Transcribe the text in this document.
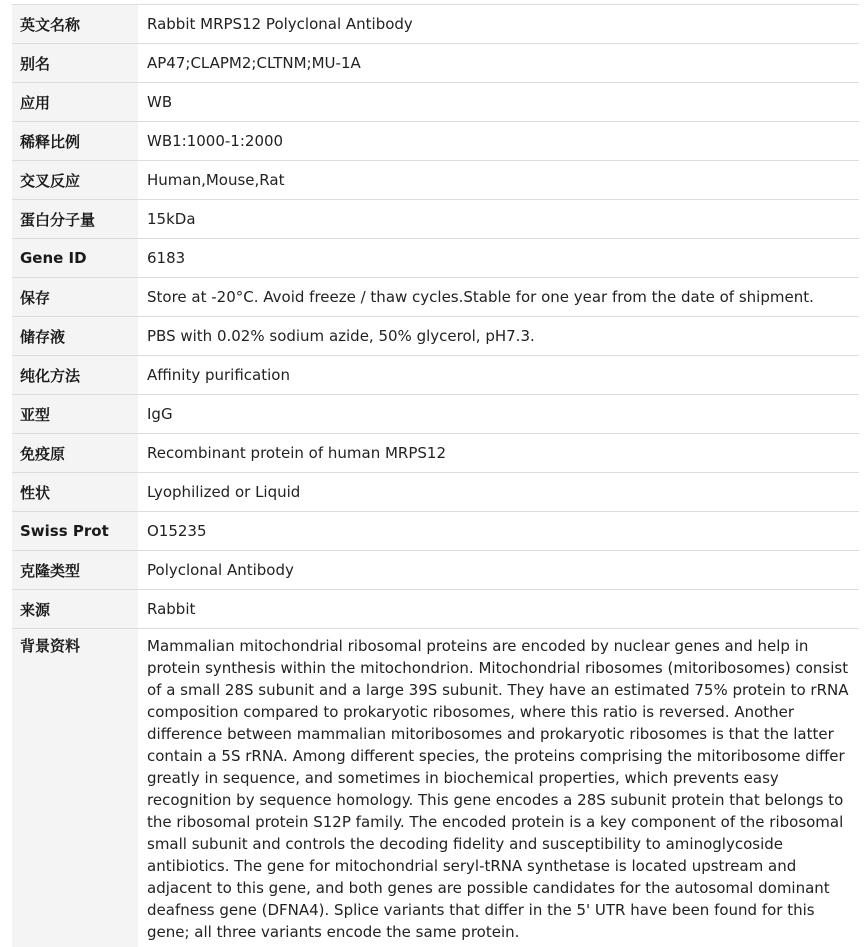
英文名称	Rabbit MRPS12 Polyclonal Antibody
别名	AP47;CLAPM2;CLTNM;MU-1A
应用	WB
稀释比例	WB1:1000-1:2000
交叉反应	Human,Mouse,Rat
蛋白分子量	15kDa
Gene ID	6183
保存	Store at -20°C. Avoid freeze / thaw cycles.Stable for one year from the date of shipment.
储存液	PBS with 0.02% sodium azide, 50% glycerol, pH7.3.
纯化方法	Affinity purification
亚型	IgG
免疫原	Recombinant protein of human MRPS12
性状	Lyophilized or Liquid
Swiss Prot	O15235
克隆类型	Polyclonal Antibody
来源	Rabbit
背景资料	Mammalian mitochondrial ribosomal proteins are encoded by nuclear genes and help in protein synthesis within the mitochondrion. Mitochondrial ribosomes (mitoribosomes) consist of a small 28S subunit and a large 39S subunit. They have an estimated 75% protein to rRNA composition compared to prokaryotic ribosomes, where this ratio is reversed. Another difference between mammalian mitoribosomes and prokaryotic ribosomes is that the latter contain a 5S rRNA. Among different species, the proteins comprising the mitoribosome differ greatly in sequence, and sometimes in biochemical properties, which prevents easy recognition by sequence homology. This gene encodes a 28S subunit protein that belongs to the ribosomal protein S12P family. The encoded protein is a key component of the ribosomal small subunit and controls the decoding fidelity and susceptibility to aminoglycoside antibiotics. The gene for mitochondrial seryl-tRNA synthetase is located upstream and adjacent to this gene, and both genes are possible candidates for the autosomal dominant deafness gene (DFNA4). Splice variants that differ in the 5' UTR have been found for this gene; all three variants encode the same protein.
